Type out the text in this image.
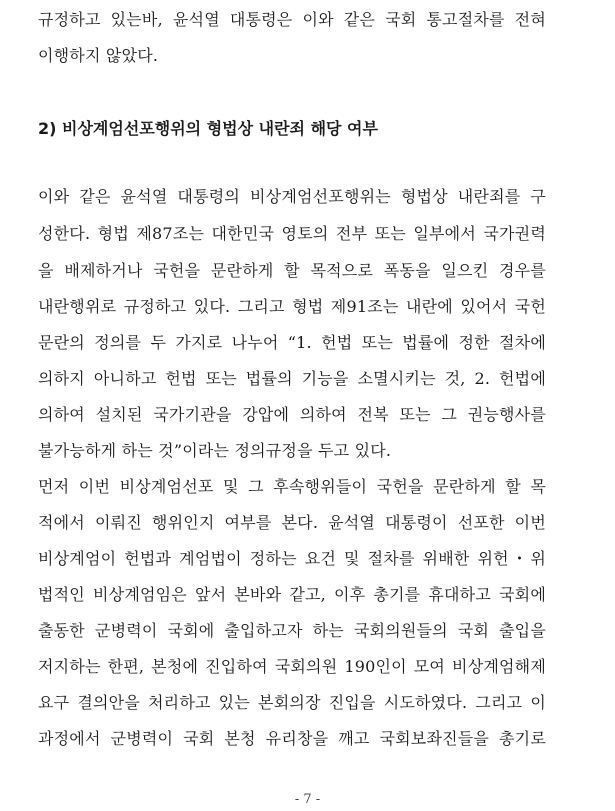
규정하고 있는바, 윤석열 대통령은 이와 같은 국회 통고절차를 전혀
이행하지 않았다.
2) 비상계엄선포행위의 형법상 내란죄 해당 여부
이와 같은 윤석열 대통령의 비상계엄선포행위는 형법상 내란죄를 구
성한다. 형법 제87조는 대한민국 영토의 전부 또는 일부에서 국가권력
을 배제하거나 국헌을 문란하게 할 목적으로 폭동을 일으킨 경우를
내란행위로 규정하고 있다. 그리고 형법 제91조는 내란에 있어서 국헌
문란의 정의를 두 가지로 나누어 “1. 헌법 또는 법률에 정한 절차에
의하지 아니하고 헌법 또는 법률의 기능을 소멸시키는 것, 2. 헌법에
의하여 설치된 국가기관을 강압에 의하여 전복 또는 그 권능행사를
불가능하게 하는 것”이라는 정의규정을 두고 있다.
먼저 이번 비상계엄선포 및 그 후속행위들이 국헌을 문란하게 할 목
적에서 이뤄진 행위인지 여부를 본다. 윤석열 대통령이 선포한 이번
비상계엄이 헌법과 계엄법이 정하는 요건 및 절차를 위배한 위헌・위
법적인 비상계엄임은 앞서 본바와 같고, 이후 총기를 휴대하고 국회에
출동한 군병력이 국회에 출입하고자 하는 국회의원들의 국회 출입을
저지하는 한편, 본청에 진입하여 국회의원 190인이 모여 비상계엄해제
요구 결의안을 처리하고 있는 본회의장 진입을 시도하였다. 그리고 이
과정에서 군병력이 국회 본청 유리창을 깨고 국회보좌진들을 총기로
- 7 -
